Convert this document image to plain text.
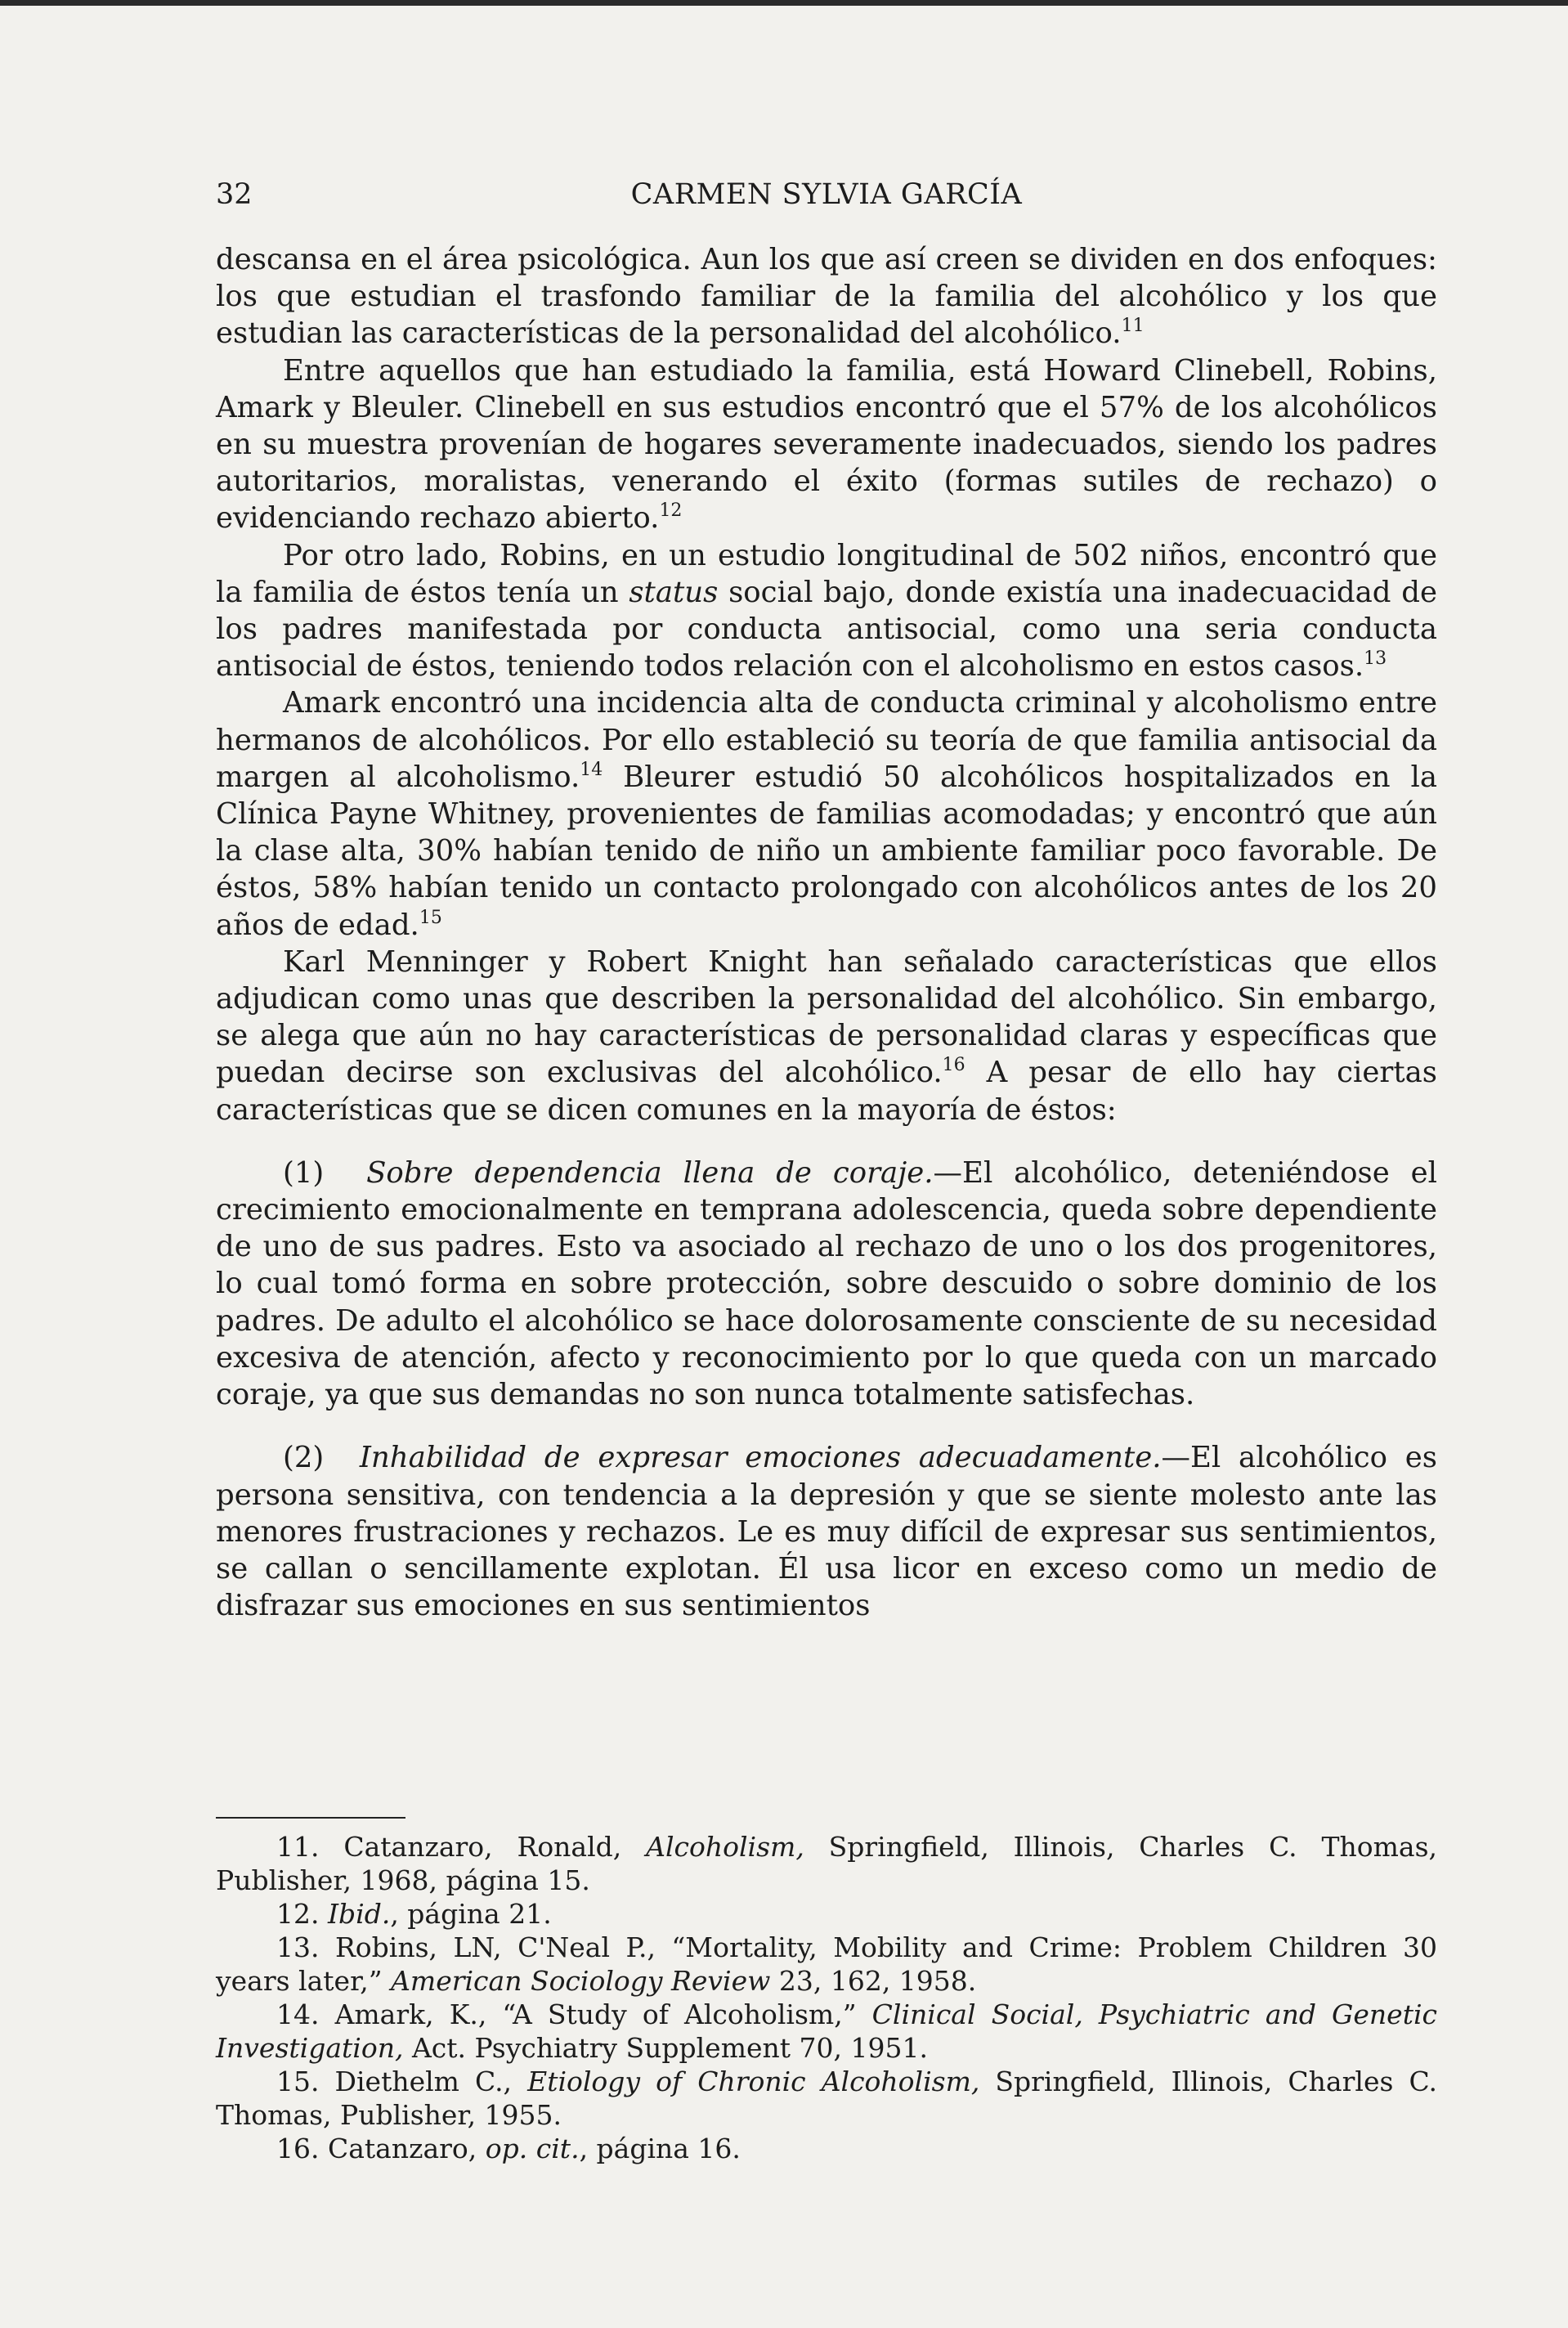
32	CARMEN SYLVIA GARCÍA

descansa en el área psicológica. Aun los que así creen se dividen en dos enfoques: los que estudian el trasfondo familiar de la familia del alcohólico y los que estudian las características de la personalidad del alcohólico.$^{11}$

Entre aquellos que han estudiado la familia, está Howard Clinebell, Robins, Amark y Bleuler. Clinebell en sus estudios encontró que el 57% de los alcohólicos en su muestra provenían de hogares severamente inadecuados, siendo los padres autoritarios, moralistas, venerando el éxito (formas sutiles de rechazo) o evidenciando rechazo abierto.$^{12}$

Por otro lado, Robins, en un estudio longitudinal de 502 niños, encontró que la familia de éstos tenía un status social bajo, donde existía una inadecuacidad de los padres manifestada por conducta antisocial, como una seria conducta antisocial de éstos, teniendo todos relación con el alcoholismo en estos casos.$^{13}$

Amark encontró una incidencia alta de conducta criminal y alcoholismo entre hermanos de alcohólicos. Por ello estableció su teoría de que familia antisocial da margen al alcoholismo.$^{14}$ Bleurer estudió 50 alcohólicos hospitalizados en la Clínica Payne Whitney, provenientes de familias acomodadas; y encontró que aún la clase alta, 30% habían tenido de niño un ambiente familiar poco favorable. De éstos, 58% habían tenido un contacto prolongado con alcohólicos antes de los 20 años de edad.$^{15}$

Karl Menninger y Robert Knight han señalado características que ellos adjudican como unas que describen la personalidad del alcohólico. Sin embargo, se alega que aún no hay características de personalidad claras y específicas que puedan decirse son exclusivas del alcohólico.$^{16}$ A pesar de ello hay ciertas características que se dicen comunes en la mayoría de éstos:

(1) Sobre dependencia llena de coraje.—El alcohólico, deteniéndose el crecimiento emocionalmente en temprana adolescencia, queda sobre dependiente de uno de sus padres. Esto va asociado al rechazo de uno o los dos progenitores, lo cual tomó forma en sobre protección, sobre descuido o sobre dominio de los padres. De adulto el alcohólico se hace dolorosamente consciente de su necesidad excesiva de atención, afecto y reconocimiento por lo que queda con un marcado coraje, ya que sus demandas no son nunca totalmente satisfechas.

(2) Inhabilidad de expresar emociones adecuadamente.—El alcohólico es persona sensitiva, con tendencia a la depresión y que se siente molesto ante las menores frustraciones y rechazos. Le es muy difícil de expresar sus sentimientos, se callan o sencillamente explotan. Él usa licor en exceso como un medio de disfrazar sus emociones en sus sentimientos

11. Catanzaro, Ronald, Alcoholism, Springfield, Illinois, Charles C. Thomas, Publisher, 1968, página 15.

12. Ibid., página 21.

13. Robins, LN, C'Neal P., “Mortality, Mobility and Crime: Problem Children 30 years later,” American Sociology Review 23, 162, 1958.

14. Amark, K., “A Study of Alcoholism,” Clinical Social, Psychiatric and Genetic Investigation, Act. Psychiatry Supplement 70, 1951.

15. Diethelm C., Etiology of Chronic Alcoholism, Springfield, Illinois, Charles C. Thomas, Publisher, 1955.

16. Catanzaro, op. cit., página 16.
